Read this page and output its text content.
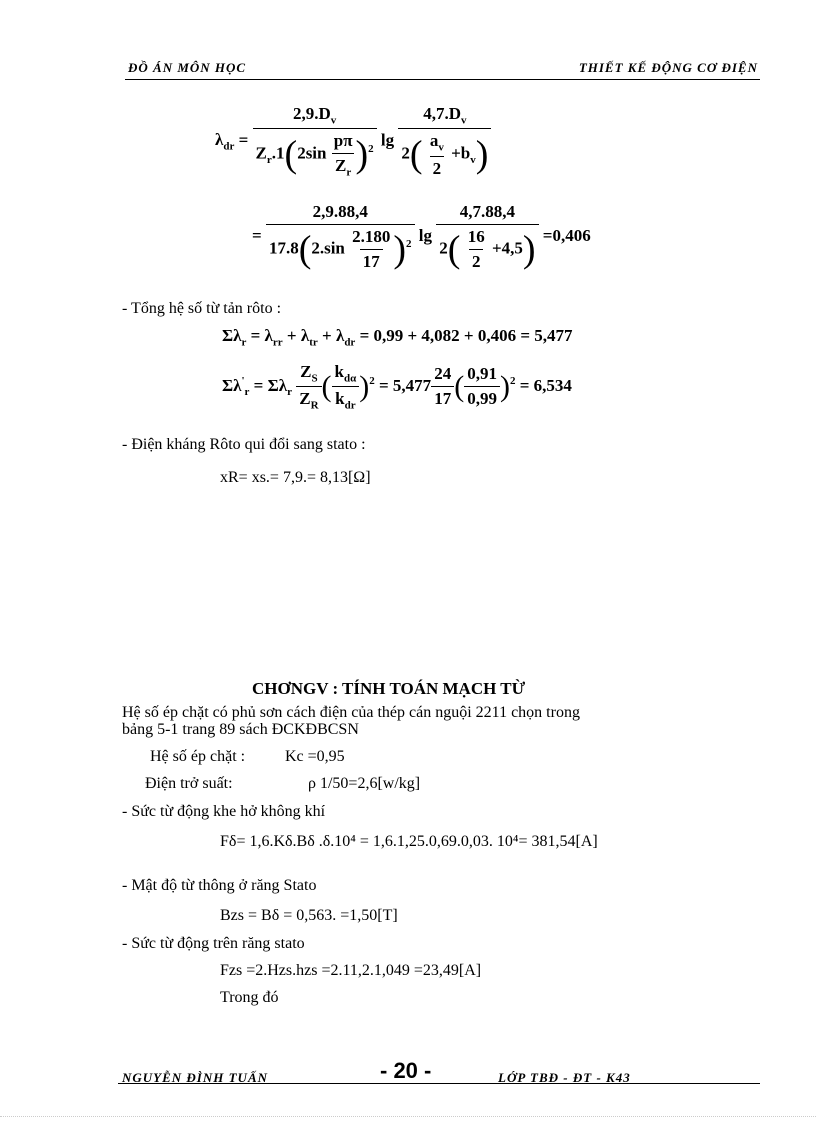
ĐỒ ÁN MÔN HỌC	THIẾT KẾ ĐỘNG CƠ ĐIỆN
$\lambda_{dr} = \frac{2,9.D_v}{Z_r.1(2\sin \frac{p\pi}{Z_r} )^2}$ $\lg \frac{4,7.D_v}{2( \frac{a_v}{2} +b_v)}$
= $\frac{2,9.88,4}{17.8(2.\sin \frac{2.180}{17} )^2}$ $\lg \frac{4,7.88,4}{2( \frac{16}{2} +4,5)} =0,406$
- Tổng hệ số từ tản rôto :
$\Sigma\lambda_r = \lambda_{rr} + \lambda_{tr} + \lambda_{dr} = 0,99 + 4,082 + 0,406 = 5,477$
$\Sigma\lambda'_r = \Sigma\lambda_r \frac{Z_S}{Z_R}$ ( $\frac{k_{d\alpha}}{k_{dr}} )^2 = 5,477 \frac{24}{17}$ ( $\frac{0,91}{0,99} )^2 = 6,534$
- Điện kháng Rôto qui đổi sang stato :
xR= xs.= 7,9.= 8,13[Ω]
CHƠNGV : TÍNH TOÁN MẠCH TỪ
Hệ số ép chặt có phủ sơn cách điện của thép cán nguội 2211 chọn trong
bảng 5-1 trang 89 sách ĐCKĐBCSN
Hệ số ép chặt : Kc =0,95
Điện trở suất:	ρ 1/50=2,6[w/kg]
- Sức từ động khe hở không khí
Fδ= 1,6.Kδ.Bδ .δ.10⁴ = 1,6.1,25.0,69.0,03. 10⁴= 381,54[A]
- Mật độ từ thông ở răng Stato
Bzs = Bδ = 0,563. =1,50[T]
- Sức từ động trên răng stato
Fzs =2.Hzs.hzs =2.11,2.1,049 =23,49[A]
Trong đó
NGUYỄN ĐÌNH TUẤN	- 20 -	LỚP TBĐ - ĐT - K43
